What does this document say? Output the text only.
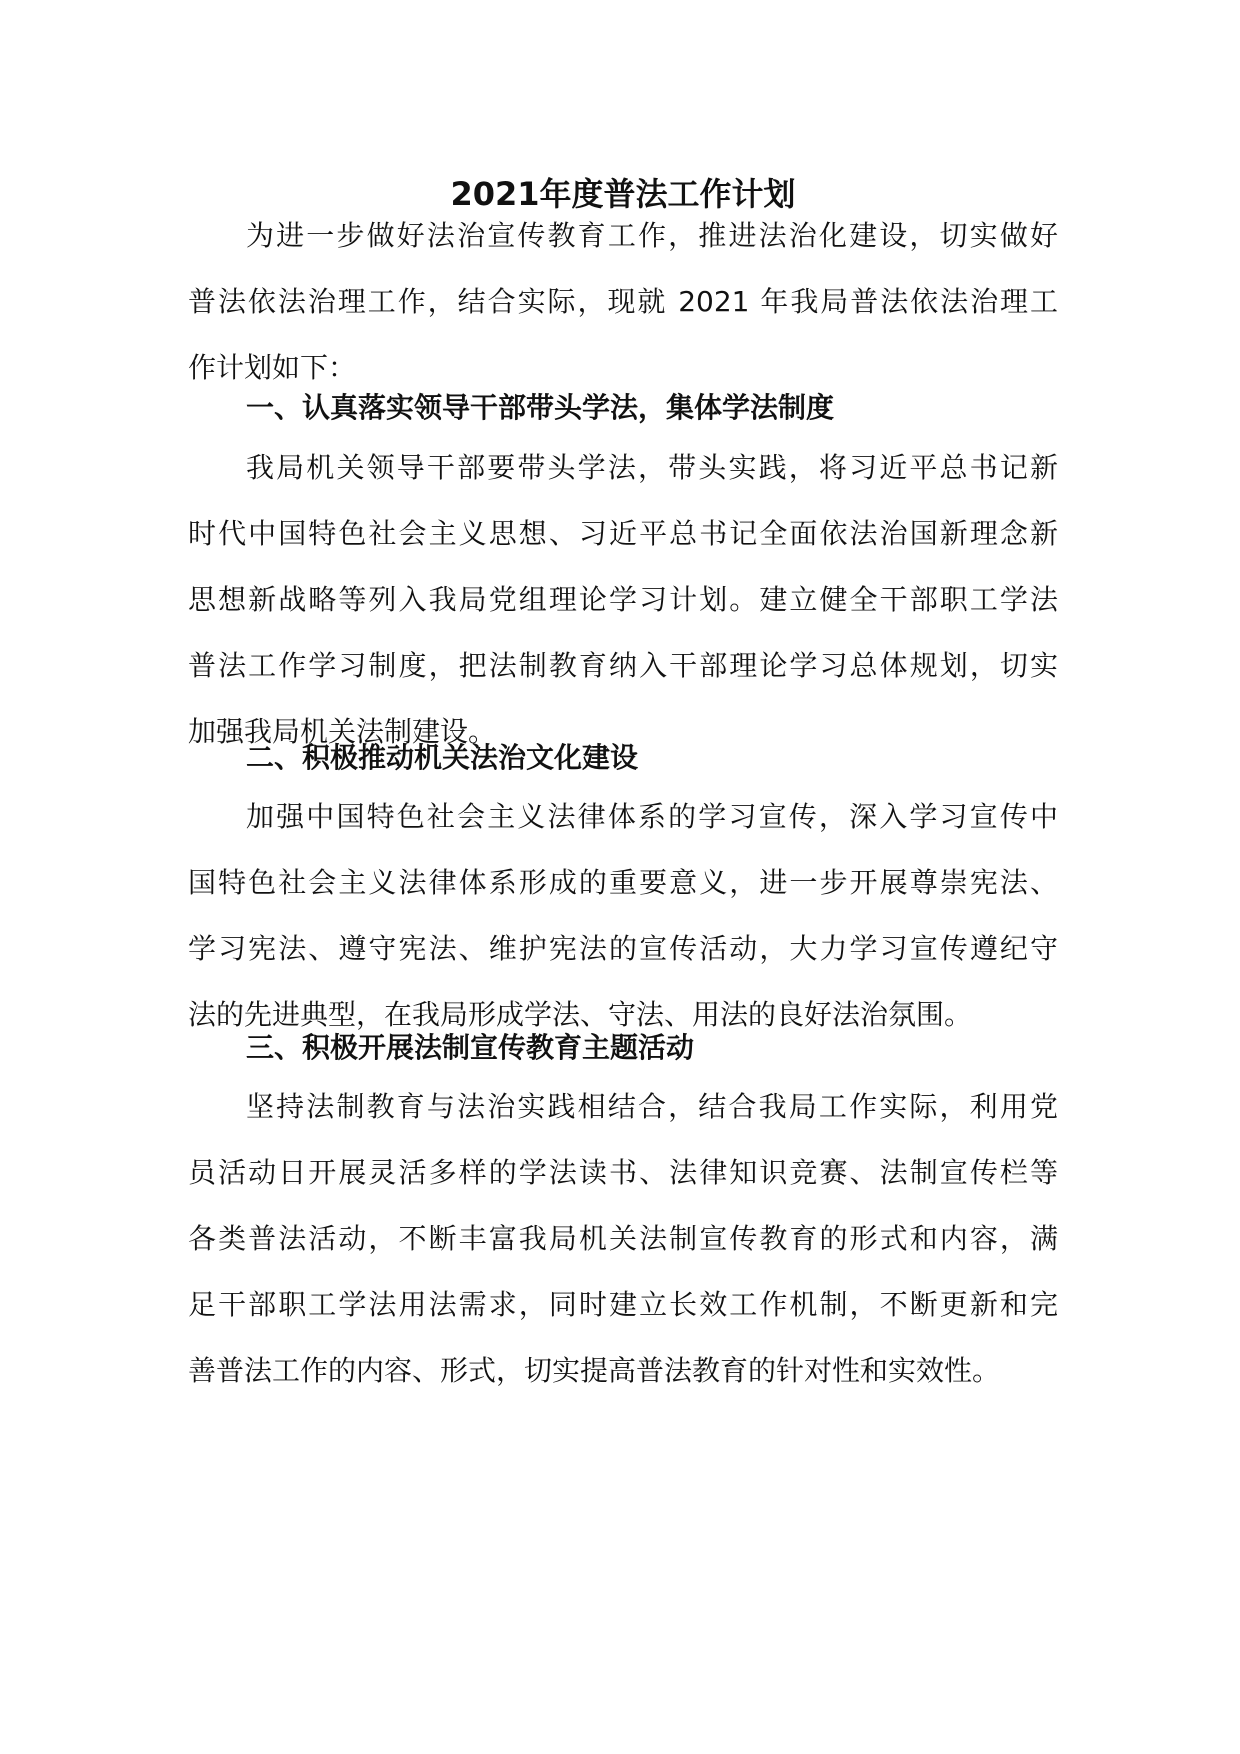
2021年度普法工作计划
为进一步做好法治宣传教育工作，推进法治化建设，切实做好
普法依法治理工作，结合实际，现就 2021 年我局普法依法治理工
作计划如下：
一、认真落实领导干部带头学法，集体学法制度
我局机关领导干部要带头学法，带头实践，将习近平总书记新
时代中国特色社会主义思想、习近平总书记全面依法治国新理念新
思想新战略等列入我局党组理论学习计划。建立健全干部职工学法
普法工作学习制度，把法制教育纳入干部理论学习总体规划，切实
加强我局机关法制建设。
二、积极推动机关法治文化建设
加强中国特色社会主义法律体系的学习宣传，深入学习宣传中
国特色社会主义法律体系形成的重要意义，进一步开展尊崇宪法、
学习宪法、遵守宪法、维护宪法的宣传活动，大力学习宣传遵纪守
法的先进典型，在我局形成学法、守法、用法的良好法治氛围。
三、积极开展法制宣传教育主题活动
坚持法制教育与法治实践相结合，结合我局工作实际，利用党
员活动日开展灵活多样的学法读书、法律知识竞赛、法制宣传栏等
各类普法活动，不断丰富我局机关法制宣传教育的形式和内容，满
足干部职工学法用法需求，同时建立长效工作机制，不断更新和完
善普法工作的内容、形式，切实提高普法教育的针对性和实效性。
